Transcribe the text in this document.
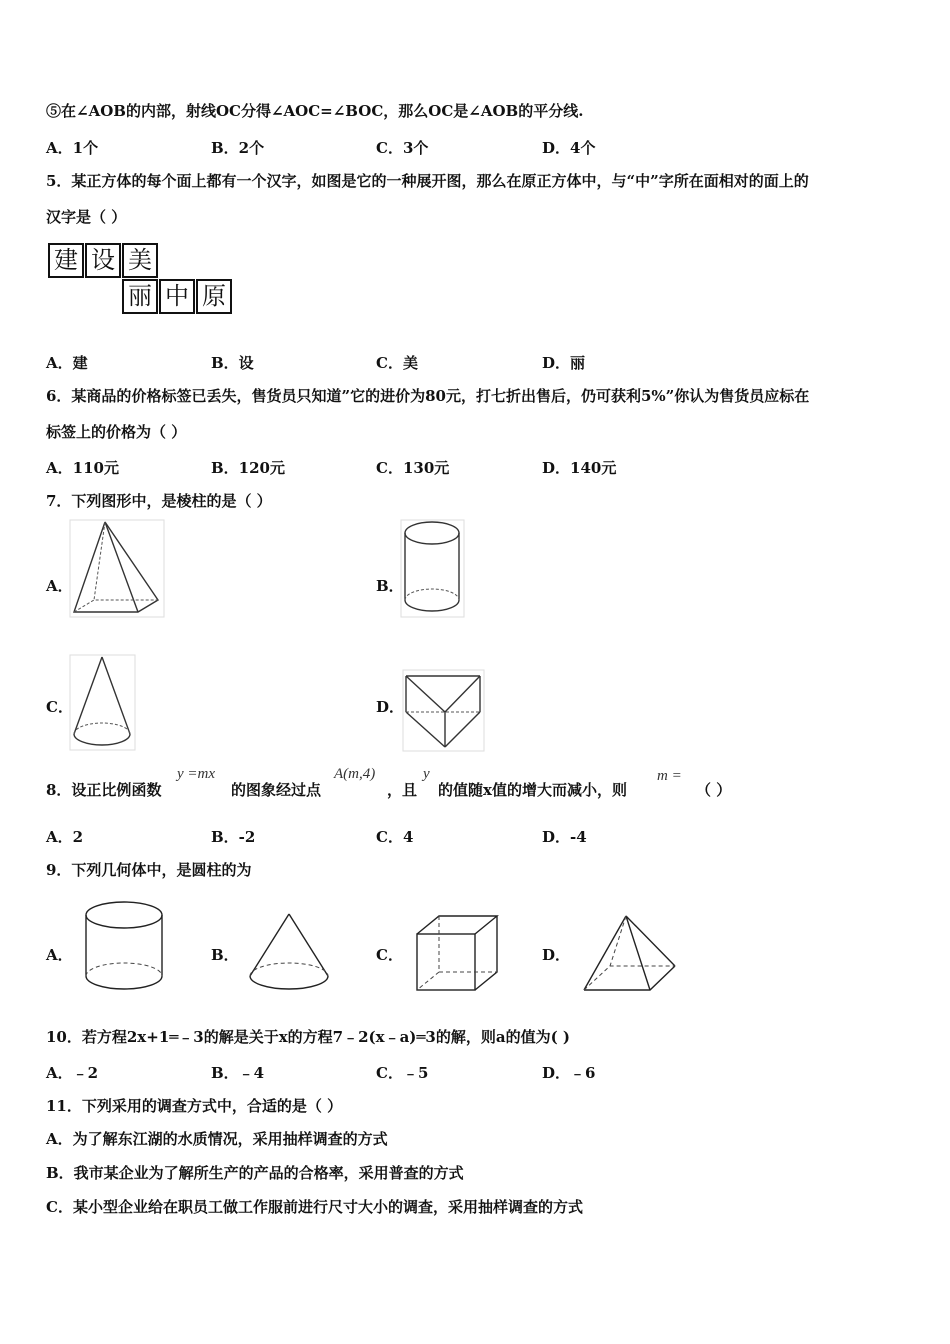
⑤在∠AOB的内部，射线OC分得∠AOC=∠BOC，那么OC是∠AOB的平分线.
A．1个	B．2个	C．3个	D．4个
5．某正方体的每个面上都有一个汉字，如图是它的一种展开图，那么在原正方体中，与“中”字所在面相对的面上的
汉字是（ ）
建 设 美
丽 中 原
A．建	B．设	C．美	D．丽
6．某商品的价格标签已丢失，售货员只知道”它的进价为80元，打七折出售后，仍可获利5%”你认为售货员应标在
标签上的价格为（ ）
A．110元	B．120元	C．130元	D．140元
7．下列图形中，是棱柱的是（ ）
A．	B．
C．	D．
8．设正比例函数
y =mx
的图象经过点
A(m,4)
，且
y
的值随x值的增大而减小，则
m =
（ ）
A．2	B．-2	C．4	D．-4
9．下列几何体中，是圆柱的为
A．	B．	C．	D．
10．若方程2x+1═﹣3的解是关于x的方程7﹣2(x﹣a)═3的解，则a的值为( )
A．﹣2	B．﹣4	C．﹣5	D．﹣6
11．下列采用的调查方式中，合适的是（ ）
A．为了解东江湖的水质情况，采用抽样调查的方式
B．我市某企业为了解所生产的产品的合格率，采用普查的方式
C．某小型企业给在职员工做工作服前进行尺寸大小的调查，采用抽样调查的方式
